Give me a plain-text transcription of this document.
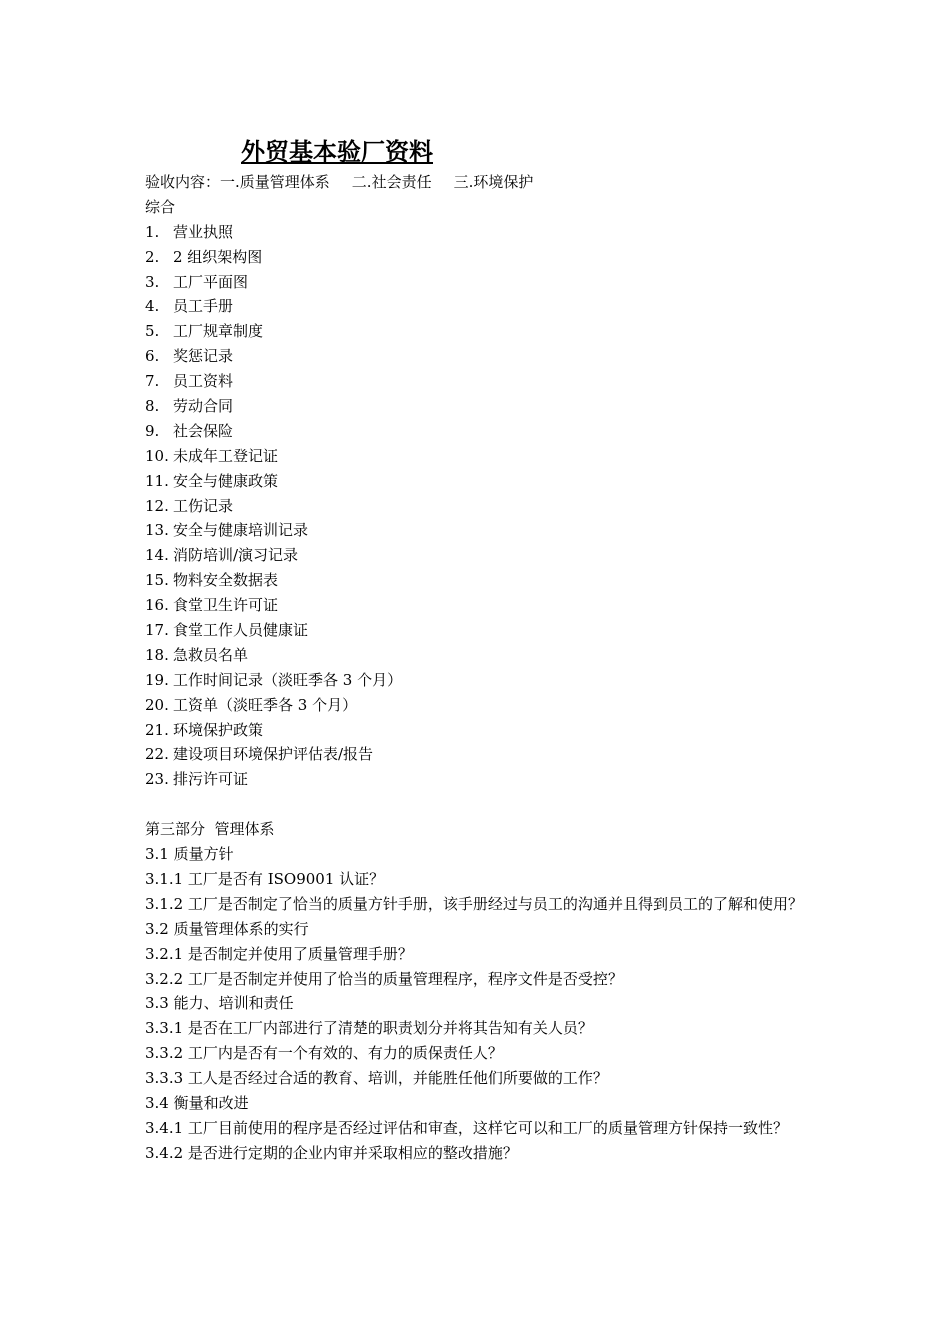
外贸基本验厂资料
验收内容：一.质量管理体系 二.社会责任 三.环境保护
综合
1. 营业执照
2. 2 组织架构图
3. 工厂平面图
4. 员工手册
5. 工厂规章制度
6. 奖惩记录
7. 员工资料
8. 劳动合同
9. 社会保险
10. 未成年工登记证
11. 安全与健康政策
12. 工伤记录
13. 安全与健康培训记录
14. 消防培训/演习记录
15. 物料安全数据表
16. 食堂卫生许可证
17. 食堂工作人员健康证
18. 急救员名单
19. 工作时间记录（淡旺季各 3 个月）
20. 工资单（淡旺季各 3 个月）
21. 环境保护政策
22. 建设项目环境保护评估表/报告
23. 排污许可证
第三部分  管理体系
3.1 质量方针
3.1.1 工厂是否有 ISO9001 认证？
3.1.2 工厂是否制定了恰当的质量方针手册，该手册经过与员工的沟通并且得到员工的了解和使用？
3.2 质量管理体系的实行
3.2.1 是否制定并使用了质量管理手册？
3.2.2 工厂是否制定并使用了恰当的质量管理程序，程序文件是否受控？
3.3 能力、培训和责任
3.3.1 是否在工厂内部进行了清楚的职责划分并将其告知有关人员？
3.3.2 工厂内是否有一个有效的、有力的质保责任人？
3.3.3 工人是否经过合适的教育、培训，并能胜任他们所要做的工作？
3.4 衡量和改进
3.4.1 工厂目前使用的程序是否经过评估和审查，这样它可以和工厂的质量管理方针保持一致性？
3.4.2 是否进行定期的企业内审并采取相应的整改措施？
